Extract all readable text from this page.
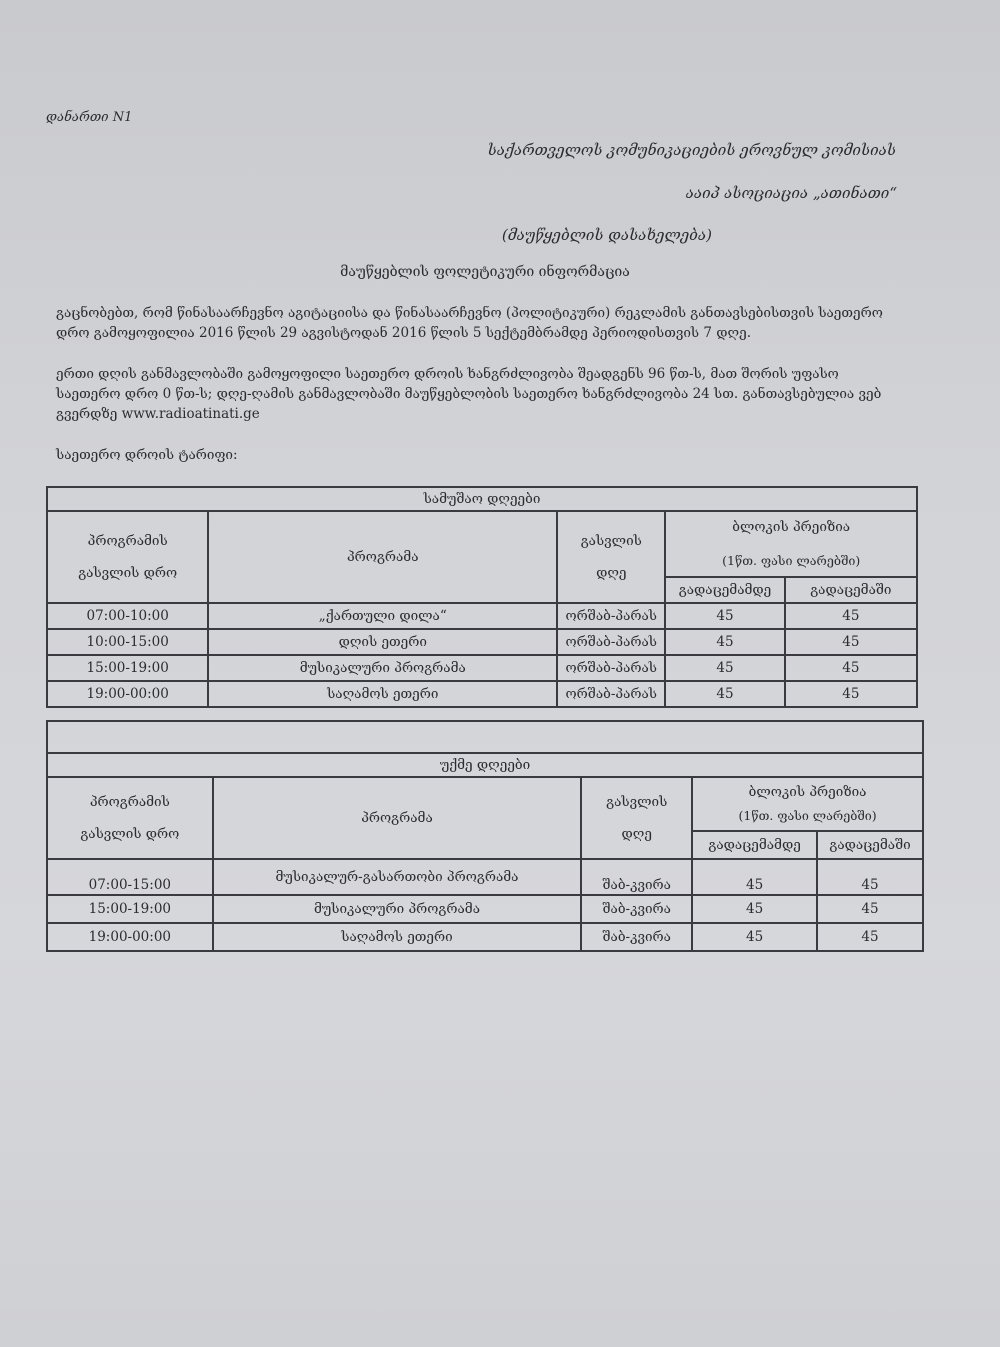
დანართი N1
საქართველოს კომუნიკაციების ეროვნულ კომისიას
ააიპ ასოციაცია „ათინათი“
(მაუწყებლის დასახელება)
მაუწყებლის ფოლეტიკური ინფორმაცია
გაცნობებთ, რომ წინასაარჩევნო აგიტაციისა და წინასაარჩევნო (პოლიტიკური) რეკლამის განთავსებისთვის საეთერო დრო გამოყოფილია 2016 წლის 29 აგვისტოდან 2016 წლის 5 სექტემბრამდე პერიოდისთვის 7 დღე.
ერთი დღის განმავლობაში გამოყოფილი საეთერო დროის ხანგრძლივობა შეადგენს 96 წთ-ს, მათ შორის უფასო საეთერო დრო 0 წთ-ს; დღე-ღამის განმავლობაში მაუწყებლობის საეთერო ხანგრძლივობა 24 სთ. განთავსებულია ვებ გვერდზე www.radioatinati.ge
საეთერო დროის ტარიფი:
სამუშაო დღეები				

პროგრამის
გასვლის დრო	პროგრამა	გასვლის
დღე	ბლოკის პრეიზია
(1წთ. ფასი ლარებში)	

			გადაცემამდე	გადაცემაში
07:00-10:00	„ქართული დილა“	ორშაბ-პარას	45	45
10:00-15:00	დღის ეთერი	ორშაბ-პარას	45	45
15:00-19:00	მუსიკალური პროგრამა	ორშაბ-პარას	45	45
19:00-00:00	საღამოს ეთერი	ორშაბ-პარას	45	45

უქმე დღეები				

პროგრამის
გასვლის დრო	პროგრამა	გასვლის
დღე	ბლოკის პრეიზია
(1წთ. ფასი ლარებში)	

			გადაცემამდე	გადაცემაში
07:00-15:00	მუსიკალურ-გასართობი პროგრამა	შაბ-კვირა	45	45
15:00-19:00	მუსიკალური პროგრამა	შაბ-კვირა	45	45
19:00-00:00	საღამოს ეთერი	შაბ-კვირა	45	45
